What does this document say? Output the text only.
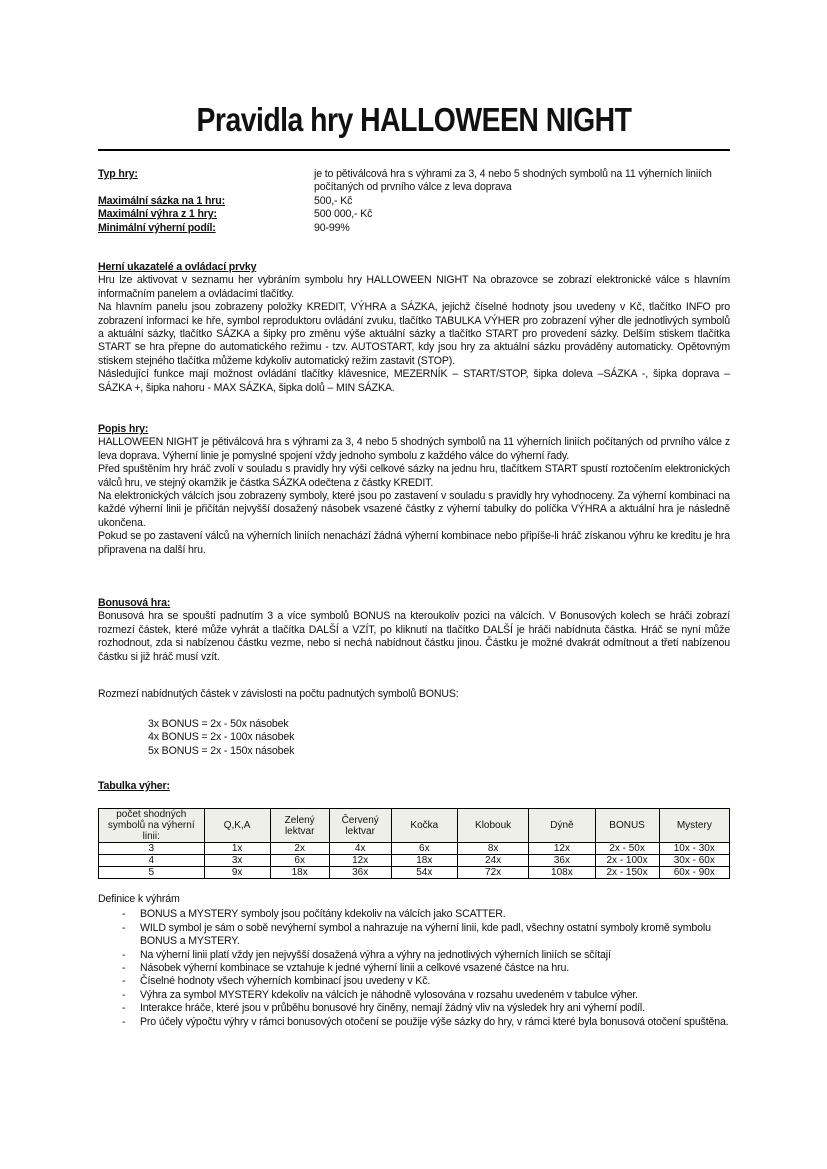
Pravidla hry HALLOWEEN NIGHT
Typ hry:	je to pětiválcová hra s výhrami za 3, 4 nebo 5 shodných symbolů na 11 výherních liniích počítaných od prvního válce z leva doprava
Maximální sázka na 1 hru:	500,- Kč
Maximální výhra z 1 hry:	500 000,- Kč
Minimální výherní podíl:	90-99%
Herní ukazatelé a ovládací prvky

Hru lze aktivovat v seznamu her vybráním symbolu hry HALLOWEEN NIGHT Na obrazovce se zobrazí elektronické válce s hlavním informačním panelem a ovládacími tlačítky.

Na hlavním panelu jsou zobrazeny položky KREDIT, VÝHRA a SÁZKA, jejichž číselné hodnoty jsou uvedeny v Kč, tlačítko INFO pro zobrazení informací ke hře, symbol reproduktoru ovládání zvuku, tlačítko TABULKA VÝHER pro zobrazení výher dle jednotlivých symbolů a aktuální sázky, tlačítko SÁZKA a šipky pro změnu výše aktuální sázky a tlačítko START pro provedení sázky. Delším stiskem tlačítka START se hra přepne do automatického režimu - tzv. AUTOSTART, kdy jsou hry za aktuální sázku prováděny automaticky. Opětovným stiskem stejného tlačítka můžeme kdykoliv automatický režim zastavit (STOP).

Následující funkce mají možnost ovládání tlačítky klávesnice, MEZERNÍK – START/STOP, šipka doleva –SÁZKA -, šipka doprava – SÁZKA +, šipka nahoru - MAX SÁZKA, šipka dolů – MIN SÁZKA.

Popis hry:

HALLOWEEN NIGHT je pětiválcová hra s výhrami za 3, 4 nebo 5 shodných symbolů na 11 výherních liniích počítaných od prvního válce z leva doprava. Výherní linie je pomyslné spojení vždy jednoho symbolu z každého válce do výherní řady.

Před spuštěním hry hráč zvolí v souladu s pravidly hry výši celkové sázky na jednu hru, tlačítkem START spustí roztočením elektronických válců hru, ve stejný okamžik je částka SÁZKA odečtena z částky KREDIT.

Na elektronických válcích jsou zobrazeny symboly, které jsou po zastavení v souladu s pravidly hry vyhodnoceny. Za výherní kombinaci na každé výherní linii je přičítán nejvyšší dosažený násobek vsazené částky z výherní tabulky do políčka VÝHRA a aktuální hra je následně ukončena.

Pokud se po zastavení válců na výherních liniích nenachází žádná výherní kombinace nebo připíše-li hráč získanou výhru ke kreditu je hra připravena na další hru.

Bonusová hra:

Bonusová hra se spouští padnutím 3 a více symbolů BONUS na kteroukoliv pozici na válcích. V Bonusových kolech se hráči zobrazí rozmezí částek, které může vyhrát a tlačítka DALŠÍ a VZÍT, po kliknutí na tlačítko DALŠÍ je hráči nabídnuta částka. Hráč se nyní může rozhodnout, zda si nabízenou částku vezme, nebo si nechá nabídnout částku jinou. Částku je možné dvakrát odmítnout a třetí nabízenou částku si již hráč musí vzít.

Rozmezí nabídnutých částek v závislosti na počtu padnutých symbolů BONUS:
3x BONUS = 2x - 50x násobek
4x BONUS = 2x - 100x násobek
5x BONUS = 2x - 150x násobek
Tabulka výher:
počet shodných symbolů na výherní linii:	Q,K,A	Zelený lektvar	Červený lektvar	Kočka	Klobouk	Dýně	BONUS	Mystery
3	1x	2x	4x	6x	8x	12x	2x - 50x	10x - 30x
4	3x	6x	12x	18x	24x	36x	2x - 100x	30x - 60x
5	9x	18x	36x	54x	72x	108x	2x - 150x	60x - 90x
Definice k výhrám
- BONUS a MYSTERY symboly jsou počítány kdekoliv na válcích jako SCATTER.
- WILD symbol je sám o sobě nevýherní symbol a nahrazuje na výherní linii, kde padl, všechny ostatní symboly kromě symbolu BONUS a MYSTERY.
- Na výherní linii platí vždy jen nejvyšší dosažená výhra a výhry na jednotlivých výherních liniích se sčítají
- Násobek výherní kombinace se vztahuje k jedné výherní linii a celkové vsazené částce na hru.
- Číselné hodnoty všech výherních kombinací jsou uvedeny v Kč.
- Výhra za symbol MYSTERY kdekoliv na válcích je náhodně vylosována v rozsahu uvedeném v tabulce výher.
- Interakce hráče, které jsou v průběhu bonusové hry činěny, nemají žádný vliv na výsledek hry ani výherní podíl.
- Pro účely výpočtu výhry v rámci bonusových otočení se použije výše sázky do hry, v rámci které byla bonusová otočení spuštěna.
